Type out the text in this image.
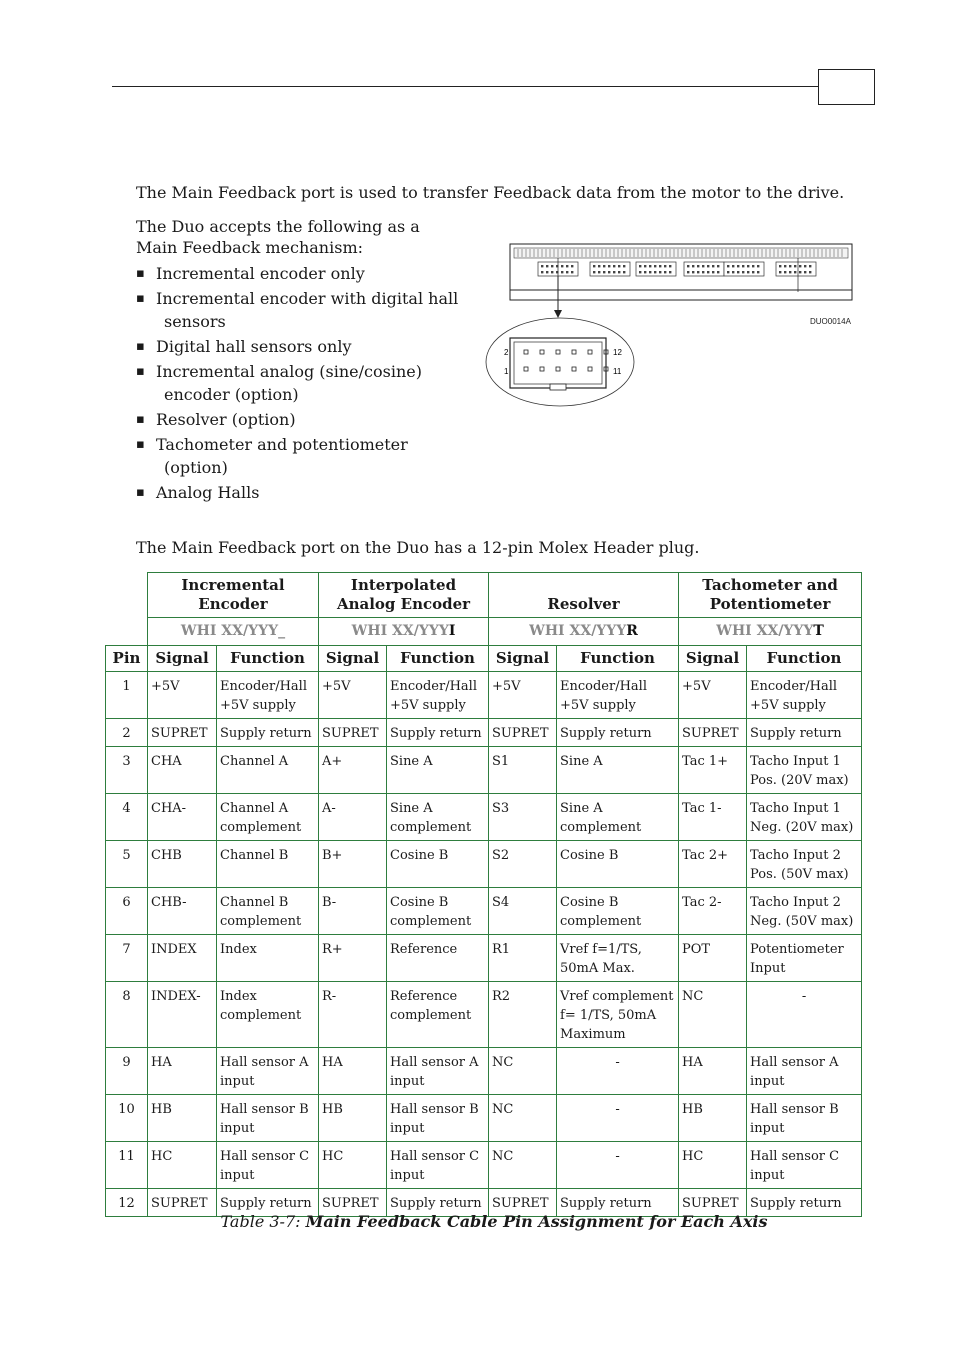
The Main Feedback port is used to transfer Feedback data from the motor to the drive.

The Duo accepts the following as a Main Feedback mechanism:

▪ Incremental encoder only
▪ Incremental encoder with digital hall
sensors
▪ Digital hall sensors only
▪ Incremental analog (sine/cosine)
encoder (option)
▪ Resolver (option)
▪ Tachometer and potentiometer
(option)
▪ Analog Halls
DUO0014A
2	12
1	11

The Main Feedback port on the Duo has a 12-pin Molex Header plug.

	Incremental Encoder		Interpolated Analog Encoder		Resolver		Tachometer and Potentiometer	
	WHI XX/YYY_		WHI XX/YYYI		WHI XX/YYYR		WHI XX/YYYT	
Pin	Signal	Function	Signal	Function	Signal	Function	Signal	Function
1	+5V	Encoder/Hall +5V supply	+5V	Encoder/Hall +5V supply	+5V	Encoder/Hall +5V supply	+5V	Encoder/Hall +5V supply
2	SUPRET	Supply return	SUPRET	Supply return	SUPRET	Supply return	SUPRET	Supply return
3	CHA	Channel A	A+	Sine A	S1	Sine A	Tac 1+	Tacho Input 1 Pos. (20V max)
4	CHA-	Channel A complement	A-	Sine A complement	S3	Sine A complement	Tac 1-	Tacho Input 1 Neg. (20V max)
5	CHB	Channel B	B+	Cosine B	S2	Cosine B	Tac 2+	Tacho Input 2 Pos. (50V max)
6	CHB-	Channel B complement	B-	Cosine B complement	S4	Cosine B complement	Tac 2-	Tacho Input 2 Neg. (50V max)
7	INDEX	Index	R+	Reference	R1	Vref f=1/TS, 50mA Max.	POT	Potentiometer Input
8	INDEX-	Index complement	R-	Reference complement	R2	Vref complement f= 1/TS, 50mA Maximum	NC	-
9	HA	Hall sensor A input	HA	Hall sensor A input	NC	-	HA	Hall sensor A input
10	HB	Hall sensor B input	HB	Hall sensor B input	NC	-	HB	Hall sensor B input
11	HC	Hall sensor C input	HC	Hall sensor C input	NC	-	HC	Hall sensor C input
12	SUPRET	Supply return	SUPRET	Supply return	SUPRET	Supply return	SUPRET	Supply return

Table 3-7: Main Feedback Cable Pin Assignment for Each Axis
